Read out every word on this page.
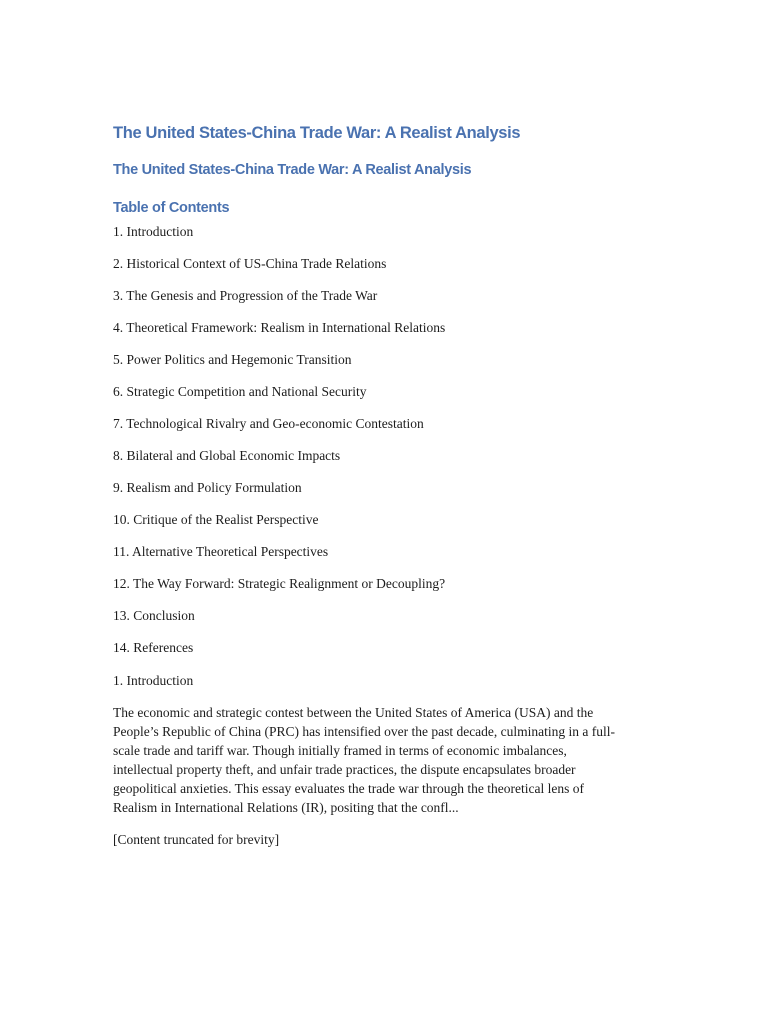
The United States-China Trade War: A Realist Analysis
The United States-China Trade War: A Realist Analysis
Table of Contents
1. Introduction
2. Historical Context of US-China Trade Relations
3. The Genesis and Progression of the Trade War
4. Theoretical Framework: Realism in International Relations
5. Power Politics and Hegemonic Transition
6. Strategic Competition and National Security
7. Technological Rivalry and Geo-economic Contestation
8. Bilateral and Global Economic Impacts
9. Realism and Policy Formulation
10. Critique of the Realist Perspective
11. Alternative Theoretical Perspectives
12. The Way Forward: Strategic Realignment or Decoupling?
13. Conclusion
14. References
1. Introduction

The economic and strategic contest between the United States of America (USA) and the
People’s Republic of China (PRC) has intensified over the past decade, culminating in a full-
scale trade and tariff war. Though initially framed in terms of economic imbalances,
intellectual property theft, and unfair trade practices, the dispute encapsulates broader
geopolitical anxieties. This essay evaluates the trade war through the theoretical lens of
Realism in International Relations (IR), positing that the confl...

[Content truncated for brevity]
